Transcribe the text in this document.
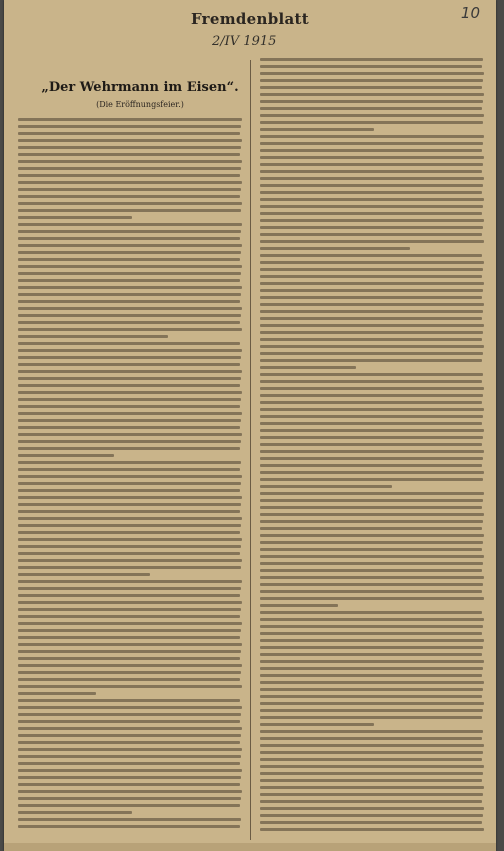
Fremdenblatt	10
2/IV 1915
„Der Wehrmann im Eisen“.
(Die Eröffnungsfeier.)
